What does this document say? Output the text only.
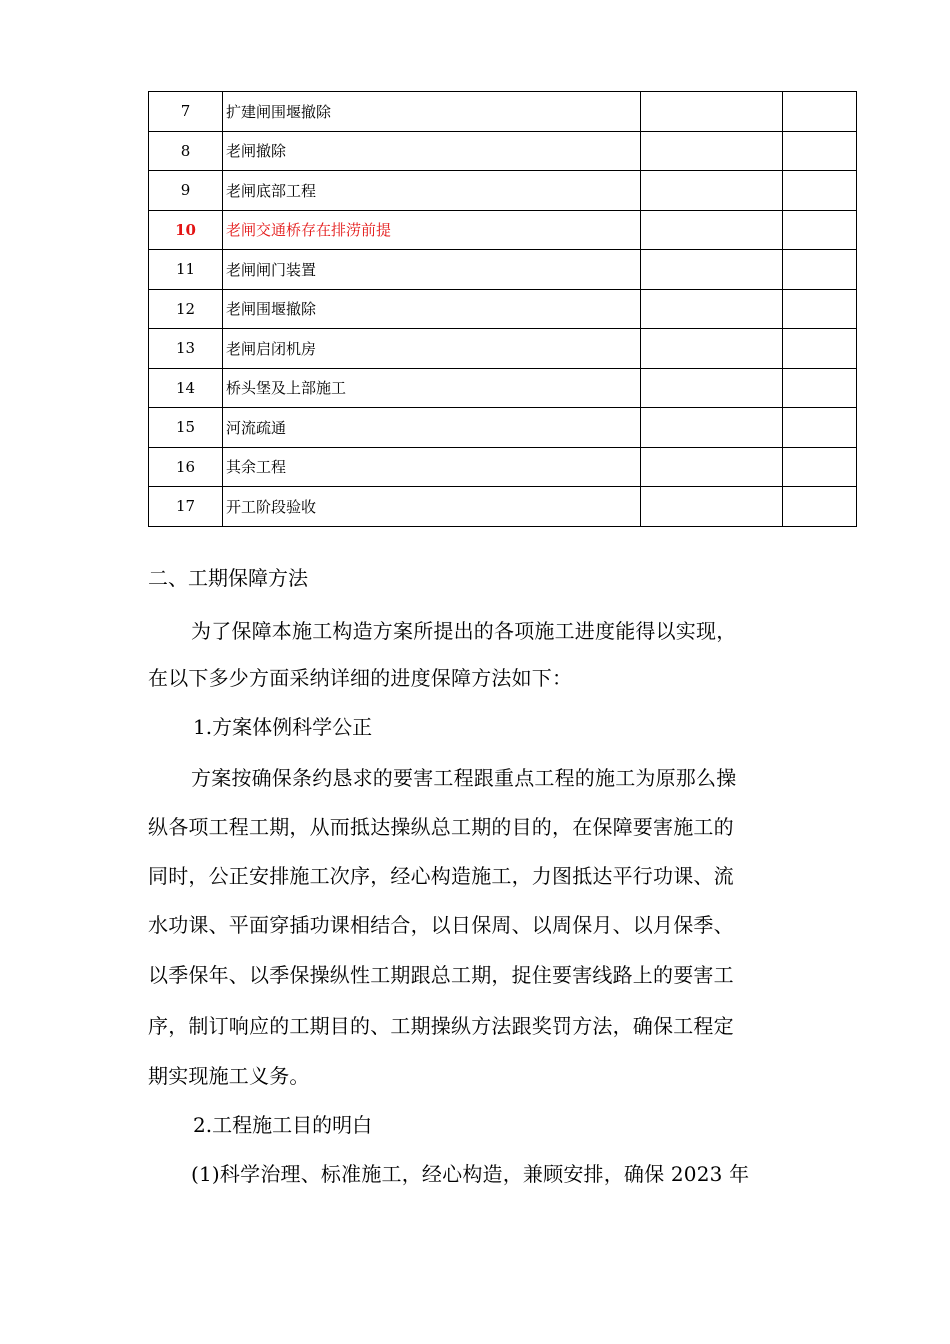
7	扩建闸围堰撤除		
8	老闸撤除		
9	老闸底部工程		
10	老闸交通桥存在排涝前提		
11	老闸闸门装置		
12	老闸围堰撤除		
13	老闸启闭机房		
14	桥头堡及上部施工		
15	河流疏通		
16	其余工程		
17	开工阶段验收		
二、工期保障方法
为了保障本施工构造方案所提出的各项施工进度能得以实现，
在以下多少方面采纳详细的进度保障方法如下：
1.方案体例科学公正
方案按确保条约恳求的要害工程跟重点工程的施工为原那么操
纵各项工程工期，从而抵达操纵总工期的目的，在保障要害施工的
同时，公正安排施工次序，经心构造施工，力图抵达平行功课、流
水功课、平面穿插功课相结合，以日保周、以周保月、以月保季、
以季保年、以季保操纵性工期跟总工期，捉住要害线路上的要害工
序，制订响应的工期目的、工期操纵方法跟奖罚方法，确保工程定
期实现施工义务。
2.工程施工目的明白
(1)科学治理、标准施工，经心构造，兼顾安排，确保 2023 年
